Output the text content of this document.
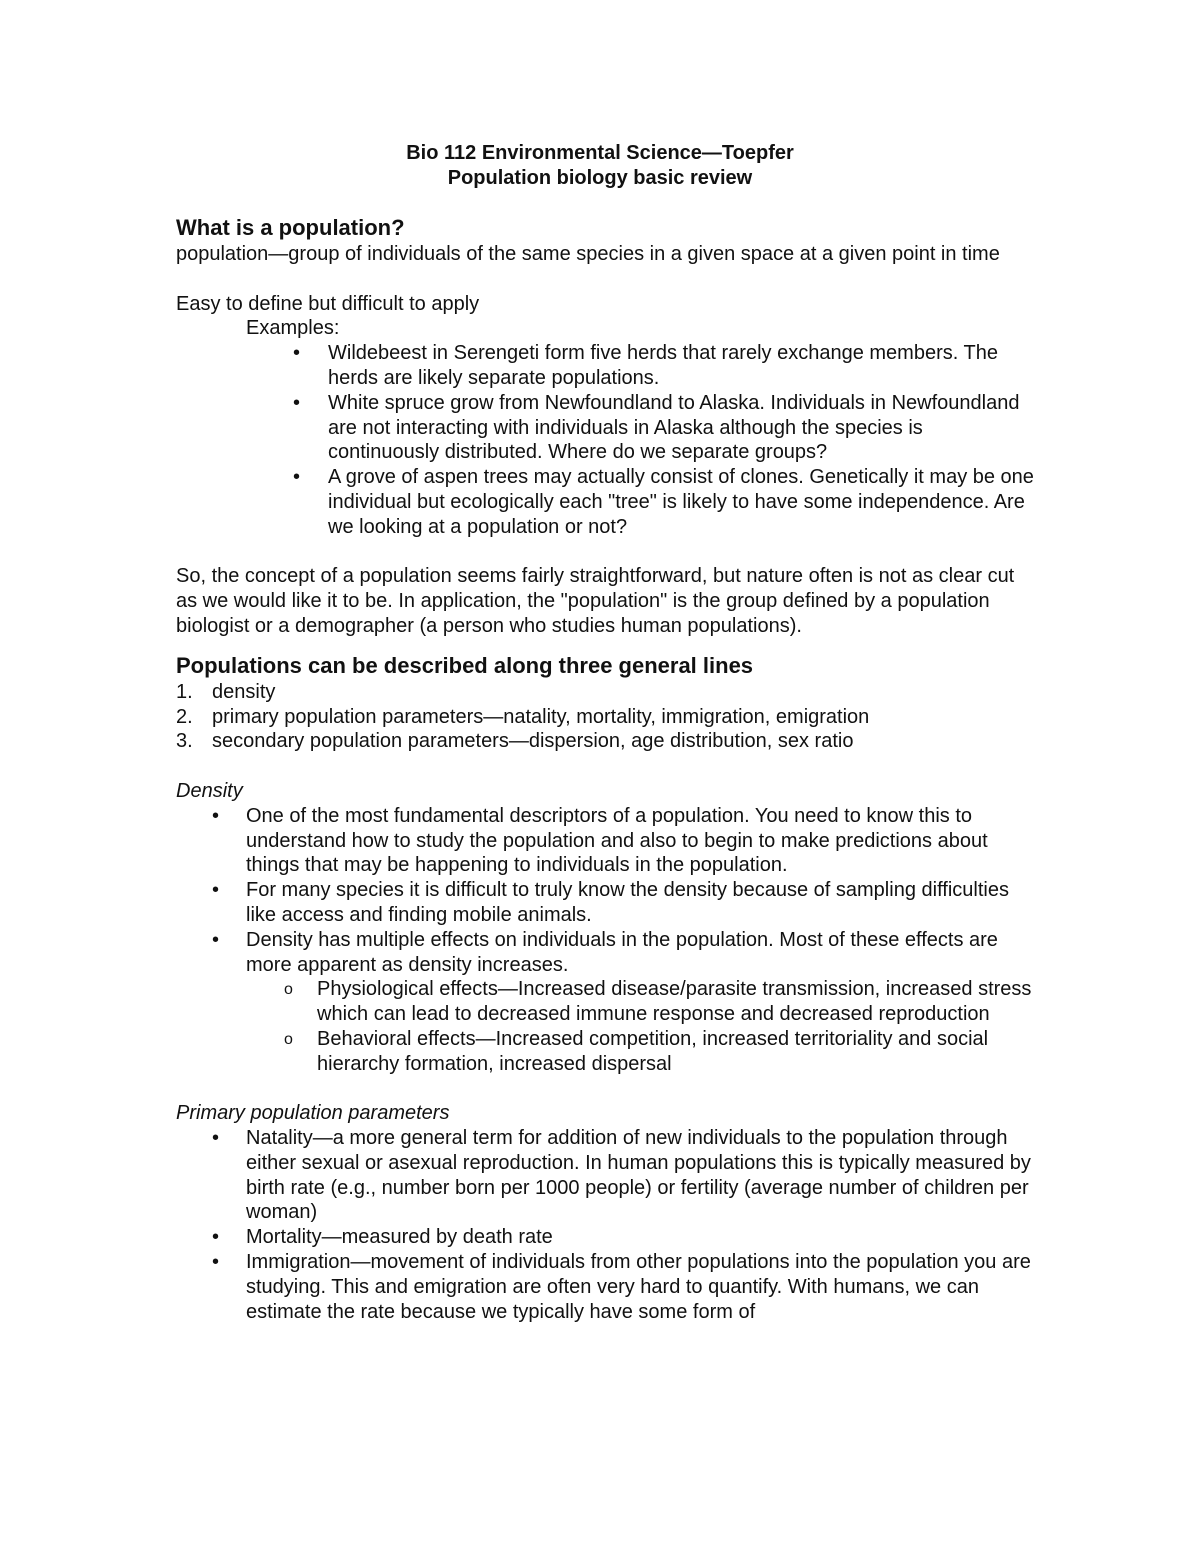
Bio 112 Environmental Science—Toepfer
Population biology basic review
What is a population?

population—group of individuals of the same species in a given space at a given point in time

Easy to define but difficult to apply

Examples:

• Wildebeest in Serengeti form five herds that rarely exchange members. The herds are likely separate populations.
• White spruce grow from Newfoundland to Alaska. Individuals in Newfoundland are not interacting with individuals in Alaska although the species is continuously distributed. Where do we separate groups?
• A grove of aspen trees may actually consist of clones. Genetically it may be one individual but ecologically each "tree" is likely to have some independence. Are we looking at a population or not?

So, the concept of a population seems fairly straightforward, but nature often is not as clear cut as we would like it to be. In application, the "population" is the group defined by a population biologist or a demographer (a person who studies human populations).

Populations can be described along three general lines
1. density
2. primary population parameters—natality, mortality, immigration, emigration
3. secondary population parameters—dispersion, age distribution, sex ratio

Density

• One of the most fundamental descriptors of a population. You need to know this to understand how to study the population and also to begin to make predictions about things that may be happening to individuals in the population.
• For many species it is difficult to truly know the density because of sampling difficulties like access and finding mobile animals.
• Density has multiple effects on individuals in the population. Most of these effects are more apparent as density increases.
o Physiological effects—Increased disease/parasite transmission, increased stress which can lead to decreased immune response and decreased reproduction
o Behavioral effects—Increased competition, increased territoriality and social hierarchy formation, increased dispersal

Primary population parameters

• Natality—a more general term for addition of new individuals to the population through either sexual or asexual reproduction. In human populations this is typically measured by birth rate (e.g., number born per 1000 people) or fertility (average number of children per woman)
• Mortality—measured by death rate
• Immigration—movement of individuals from other populations into the population you are studying. This and emigration are often very hard to quantify. With humans, we can estimate the rate because we typically have some form of
